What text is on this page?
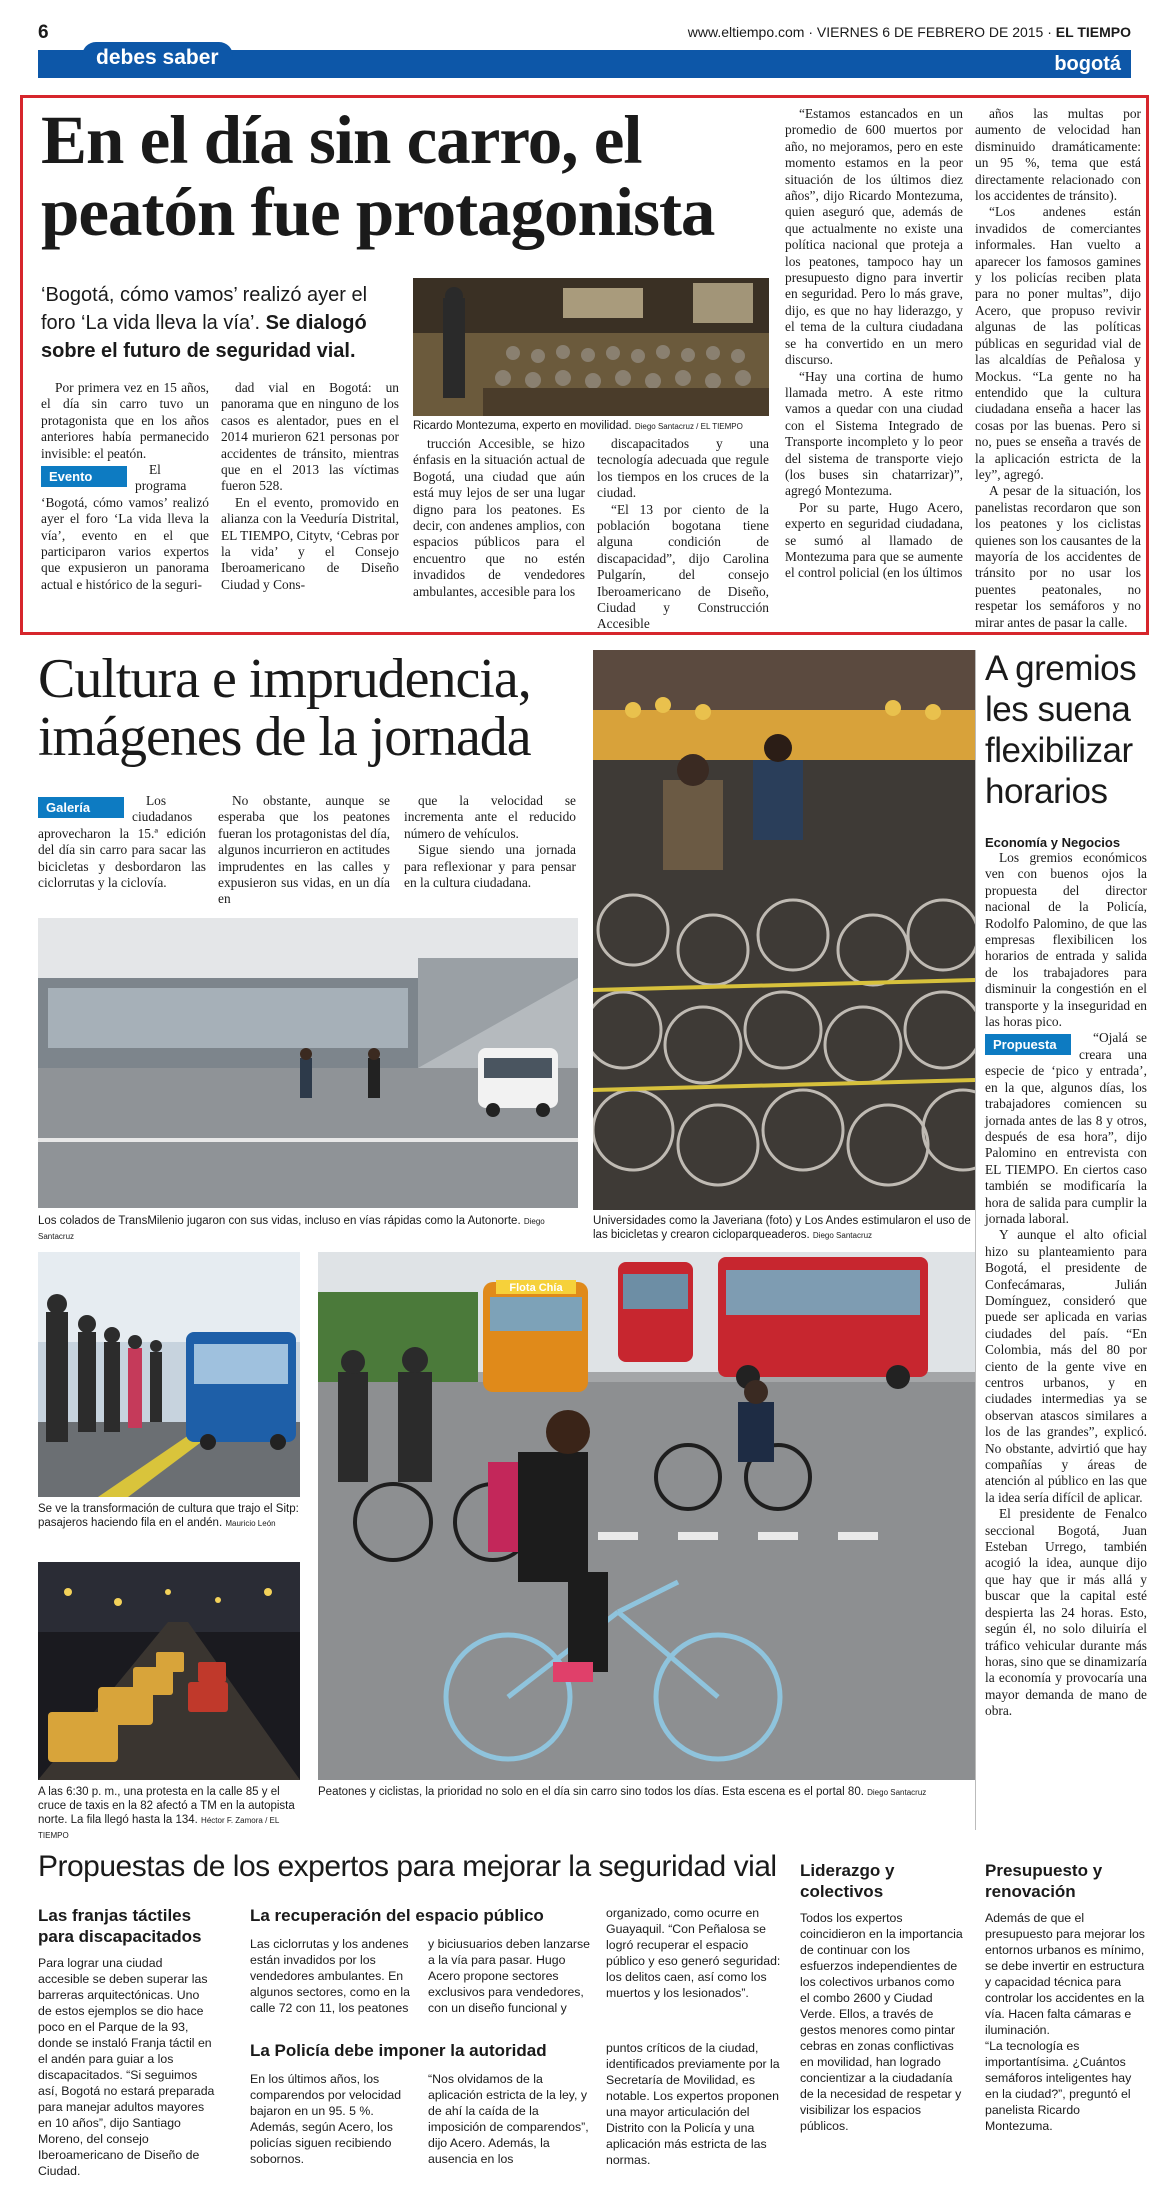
6	www.eltiempo.com · VIERNES 6 DE FEBRERO DE 2015 · EL TIEMPO
debes saber	bogotá
En el día sin carro, el peatón fue protagonista
‘Bogotá, cómo vamos’ realizó ayer el foro ‘La vida lleva la vía’. Se dialogó sobre el futuro de seguridad vial.
Ricardo Montezuma, experto en movilidad. Diego Santacruz / EL TIEMPO

Por primera vez en 15 años, el día sin carro tuvo un protagonista que en los años anteriores había permanecido invisible: el peatón.

Evento	El programa ‘Bogotá, cómo vamos’ realizó ayer el foro ‘La vida lleva la vía’, evento en el que participaron varios expertos que expusieron un panorama actual e histórico de la seguri-

dad vial en Bogotá: un panorama que en ninguno de los casos es alentador, pues en el 2014 murieron 621 personas por accidentes de tránsito, mientras que en el 2013 las víctimas fueron 528.

En el evento, promovido en alianza con la Veeduría Distrital, EL TIEMPO, Citytv, ‘Cebras por la vida’ y el Consejo Iberoamericano de Diseño Ciudad y Cons-

trucción Accesible, se hizo énfasis en la situación actual de Bogotá, una ciudad que aún está muy lejos de ser una lugar digno para los peatones. Es decir, con andenes amplios, con espacios públicos para el encuentro que no estén invadidos de vendedores ambulantes, accesible para los

discapacitados y una tecnología adecuada que regule los tiempos en los cruces de la ciudad.

“El 13 por ciento de la población bogotana tiene alguna condición de discapacidad”, dijo Carolina Pulgarín, del consejo Iberoamericano de Diseño, Ciudad y Construcción Accesible

“Estamos estancados en un promedio de 600 muertos por año, no mejoramos, pero en este momento estamos en la peor situación de los últimos diez años”, dijo Ricardo Montezuma, quien aseguró que, además de que actualmente no existe una política nacional que proteja a los peatones, tampoco hay un presupuesto digno para invertir en seguridad. Pero lo más grave, dijo, es que no hay liderazgo, y el tema de la cultura ciudadana se ha convertido en un mero discurso.

“Hay una cortina de humo llamada metro. A este ritmo vamos a quedar con una ciudad con el Sistema Integrado de Transporte incompleto y lo peor del sistema de transporte viejo (los buses sin chatarrizar)”, agregó Montezuma.

Por su parte, Hugo Acero, experto en seguridad ciudadana, se sumó al llamado de Montezuma para que se aumente el control policial (en los últimos

años las multas por aumento de velocidad han disminuido dramáticamente: un 95 %, tema que está directamente relacionado con los accidentes de tránsito).

“Los andenes están invadidos de comerciantes informales. Han vuelto a aparecer los famosos gamines y los policías reciben plata para no poner multas”, dijo Acero, que propuso revivir algunas de las políticas públicas en seguridad vial de las alcaldías de Peñalosa y Mockus. “La gente no ha entendido que la cultura ciudadana enseña a hacer las cosas por las buenas. Pero si no, pues se enseña a través de la aplicación estricta de la ley”, agregó.

A pesar de la situación, los panelistas recordaron que son los peatones y los ciclistas quienes son los causantes de la mayoría de los accidentes de tránsito por no usar los puentes peatonales, no respetar los semáforos y no mirar antes de pasar la calle.

Cultura e imprudencia, imágenes de la jornada
Galería	Los ciudadanos aprovecharon la 15.ª edición del día sin carro para sacar las bicicletas y desbordaron las ciclorrutas y la ciclovía.

No obstante, aunque se esperaba que los peatones fueran los protagonistas del día, algunos incurrieron en actitudes imprudentes en las calles y expusieron sus vidas, en un día en

que la velocidad se incrementa ante el reducido número de vehículos.

Sigue siendo una jornada para reflexionar y para pensar en la cultura ciudadana.

Los colados de TransMilenio jugaron con sus vidas, incluso en vías rápidas como la Autonorte. Diego Santacruz
Universidades como la Javeriana (foto) y Los Andes estimularon el uso de las bicicletas y crearon cicloparqueaderos. Diego Santacruz
Se ve la transformación de cultura que trajo el Sitp: pasajeros haciendo fila en el andén. Mauricio León
A las 6:30 p. m., una protesta en la calle 85 y el cruce de taxis en la 82 afectó a TM en la autopista norte. La fila llegó hasta la 134. Héctor F. Zamora / EL TIEMPO
Flota Chía
Peatones y ciclistas, la prioridad no solo en el día sin carro sino todos los días. Esta escena es el portal 80. Diego Santacruz
A gremios les suena flexibilizar horarios
Economía y Negocios

Los gremios económicos ven con buenos ojos la propuesta del director nacional de la Policía, Rodolfo Palomino, de que las empresas flexibilicen los horarios de entrada y salida de los trabajadores para disminuir la congestión en el transporte y la inseguridad en las horas pico.

Propuesta	“Ojalá se creara una especie de ‘pico y entrada’, en la que, algunos días, los trabajadores comiencen su jornada antes de las 8 y otros, después de esa hora”, dijo Palomino en entrevista con EL TIEMPO. En ciertos caso también se modificaría la hora de salida para cumplir la jornada laboral.

Y aunque el alto oficial hizo su planteamiento para Bogotá, el presidente de Confecámaras, Julián Domínguez, consideró que puede ser aplicada en varias ciudades del país. “En Colombia, más del 80 por ciento de la gente vive en centros urbanos, y en ciudades intermedias ya se observan atascos similares a los de las grandes”, explicó. No obstante, advirtió que hay compañías y áreas de atención al público en las que la idea sería difícil de aplicar.

El presidente de Fenalco seccional Bogotá, Juan Esteban Urrego, también acogió la idea, aunque dijo que hay que ir más allá y buscar que la capital esté despierta las 24 horas. Esto, según él, no solo diluiría el tráfico vehicular durante más horas, sino que se dinamizaría la economía y provocaría una mayor demanda de mano de obra.

Propuestas de los expertos para mejorar la seguridad vial
Las franjas táctiles para discapacitados

Para lograr una ciudad accesible se deben superar las barreras arquitectónicas. Uno de estos ejemplos se dio hace poco en el Parque de la 93, donde se instaló Franja táctil en el andén para guiar a los discapacitados. “Si seguimos así, Bogotá no estará preparada para manejar adultos mayores en 10 años”, dijo Santiago Moreno, del consejo Iberoamericano de Diseño de Ciudad.

La recuperación del espacio público

Las ciclorrutas y los andenes están invadidos por los vendedores ambulantes. En algunos sectores, como en la calle 72 con 11, los peatones

y biciusuarios deben lanzarse a la vía para pasar. Hugo Acero propone sectores exclusivos para vendedores, con un diseño funcional y

organizado, como ocurre en Guayaquil. “Con Peñalosa se logró recuperar el espacio público y eso generó seguridad: los delitos caen, así como los muertos y los lesionados”.

La Policía debe imponer la autoridad

En los últimos años, los comparendos por velocidad bajaron en un 95. 5 %. Además, según Acero, los policías siguen recibiendo sobornos.

“Nos olvidamos de la aplicación estricta de la ley, y de ahí la caída de la imposición de comparendos”, dijo Acero. Además, la ausencia en los

puntos críticos de la ciudad, identificados previamente por la Secretaría de Movilidad, es notable. Los expertos proponen una mayor articulación del Distrito con la Policía y una aplicación más estricta de las normas.

Liderazgo y colectivos

Todos los expertos coincidieron en la importancia de continuar con los esfuerzos independientes de los colectivos urbanos como el combo 2600 y Ciudad Verde. Ellos, a través de gestos menores como pintar cebras en zonas conflictivas en movilidad, han logrado concientizar a la ciudadanía de la necesidad de respetar y visibilizar los espacios públicos.

Presupuesto y renovación

Además de que el presupuesto para mejorar los entornos urbanos es mínimo, se debe invertir en estructura y capacidad técnica para controlar los accidentes en la vía. Hacen falta cámaras e iluminación.

“La tecnología es importantísima. ¿Cuántos semáforos inteligentes hay en la ciudad?”, preguntó el panelista Ricardo Montezuma.
